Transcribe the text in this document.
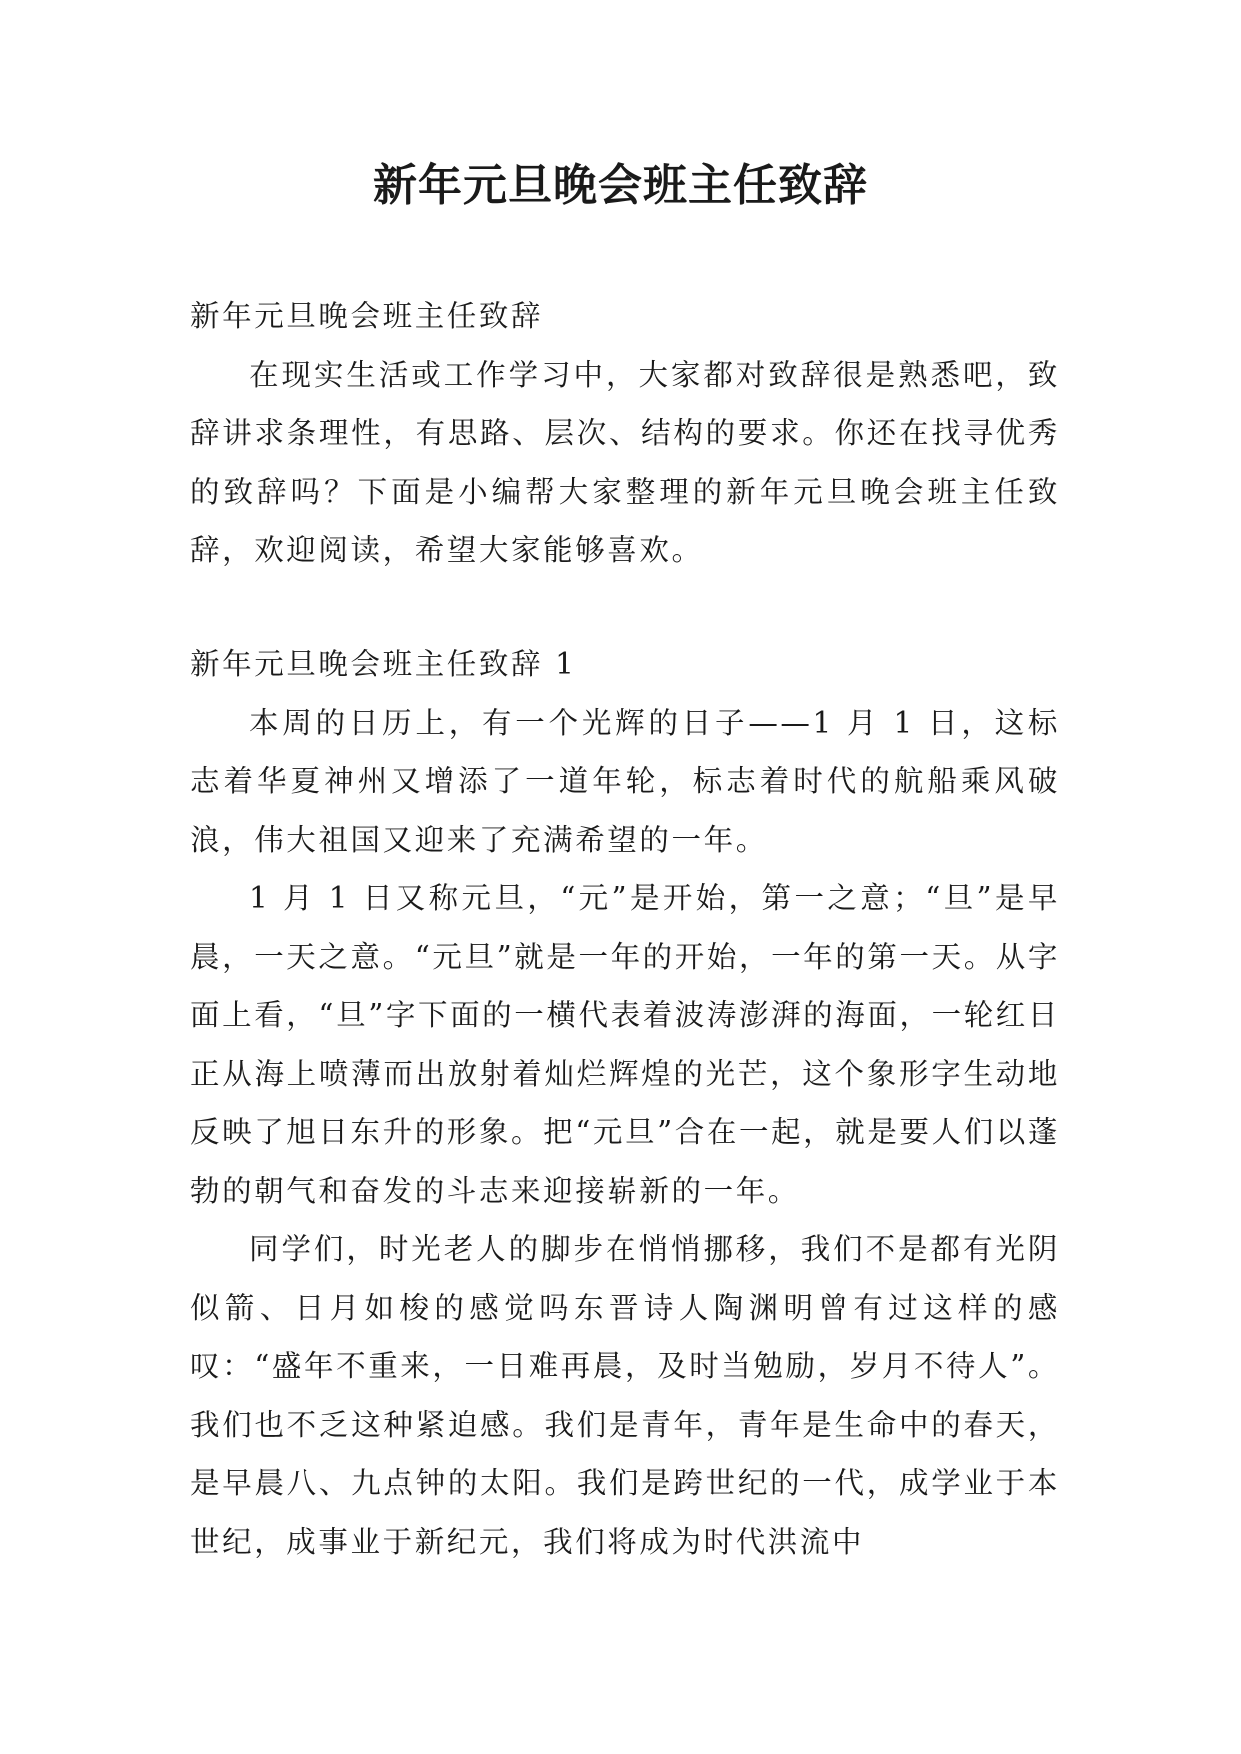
新年元旦晚会班主任致辞

新年元旦晚会班主任致辞

在现实生活或工作学习中，大家都对致辞很是熟悉吧，致辞讲求条理性，有思路、层次、结构的要求。你还在找寻优秀的致辞吗？下面是小编帮大家整理的新年元旦晚会班主任致辞，欢迎阅读，希望大家能够喜欢。

新年元旦晚会班主任致辞 1

本周的日历上，有一个光辉的日子——1 月 1 日，这标志着华夏神州又增添了一道年轮，标志着时代的航船乘风破浪，伟大祖国又迎来了充满希望的一年。

1 月 1 日又称元旦，“元”是开始，第一之意；“旦”是早晨，一天之意。“元旦”就是一年的开始，一年的第一天。从字面上看，“旦”字下面的一横代表着波涛澎湃的海面，一轮红日正从海上喷薄而出放射着灿烂辉煌的光芒，这个象形字生动地反映了旭日东升的形象。把“元旦”合在一起，就是要人们以蓬勃的朝气和奋发的斗志来迎接崭新的一年。

同学们，时光老人的脚步在悄悄挪移，我们不是都有光阴似箭、日月如梭的感觉吗东晋诗人陶渊明曾有过这样的感叹：“盛年不重来，一日难再晨，及时当勉励，岁月不待人”。我们也不乏这种紧迫感。我们是青年，青年是生命中的春天，是早晨八、九点钟的太阳。我们是跨世纪的一代，成学业于本世纪，成事业于新纪元，我们将成为时代洪流中
